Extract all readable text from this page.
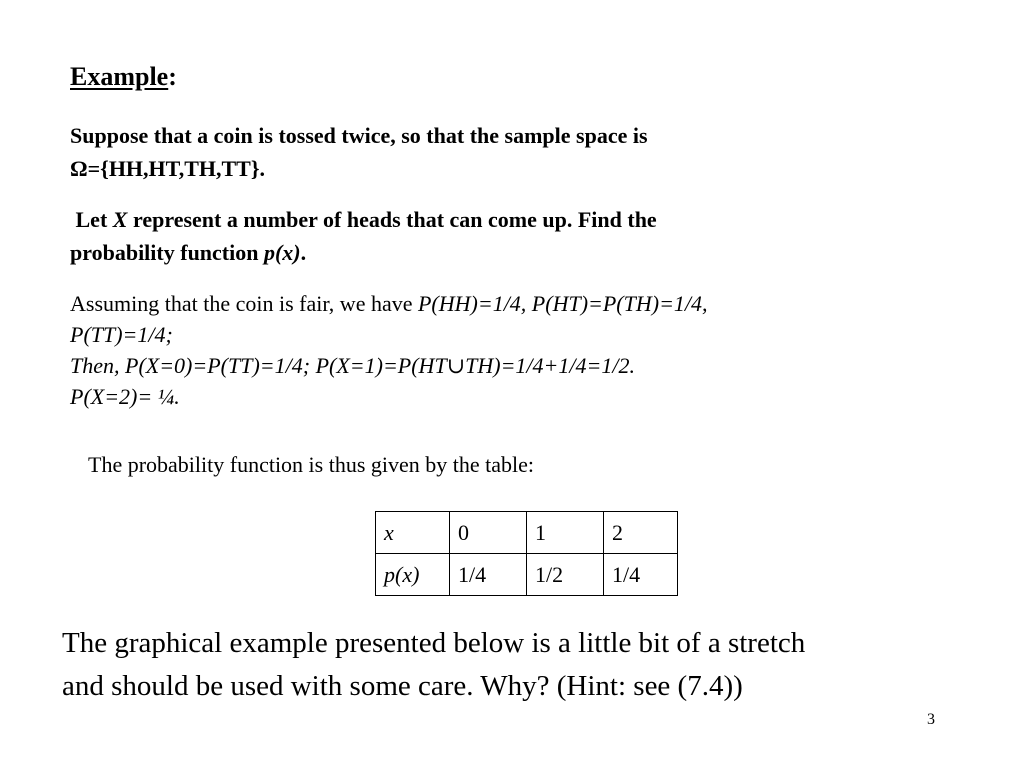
Example:
Suppose that a coin is tossed twice, so that the sample space is
Ω={HH,HT,TH,TT}.
Let X represent a number of heads that can come up. Find the
probability function p(x).
Assuming that the coin is fair, we have P(HH)=1/4, P(HT)=P(TH)=1/4,
P(TT)=1/4;
Then, P(X=0)=P(TT)=1/4; P(X=1)=P(HT∪TH)=1/4+1/4=1/2.
P(X=2)= ¼.
The probability function is thus given by the table:
x	0	1	2
p(x)	1/4	1/2	1/4
The graphical example presented below is a little bit of a stretch
and should be used with some care. Why? (Hint: see (7.4))
3
